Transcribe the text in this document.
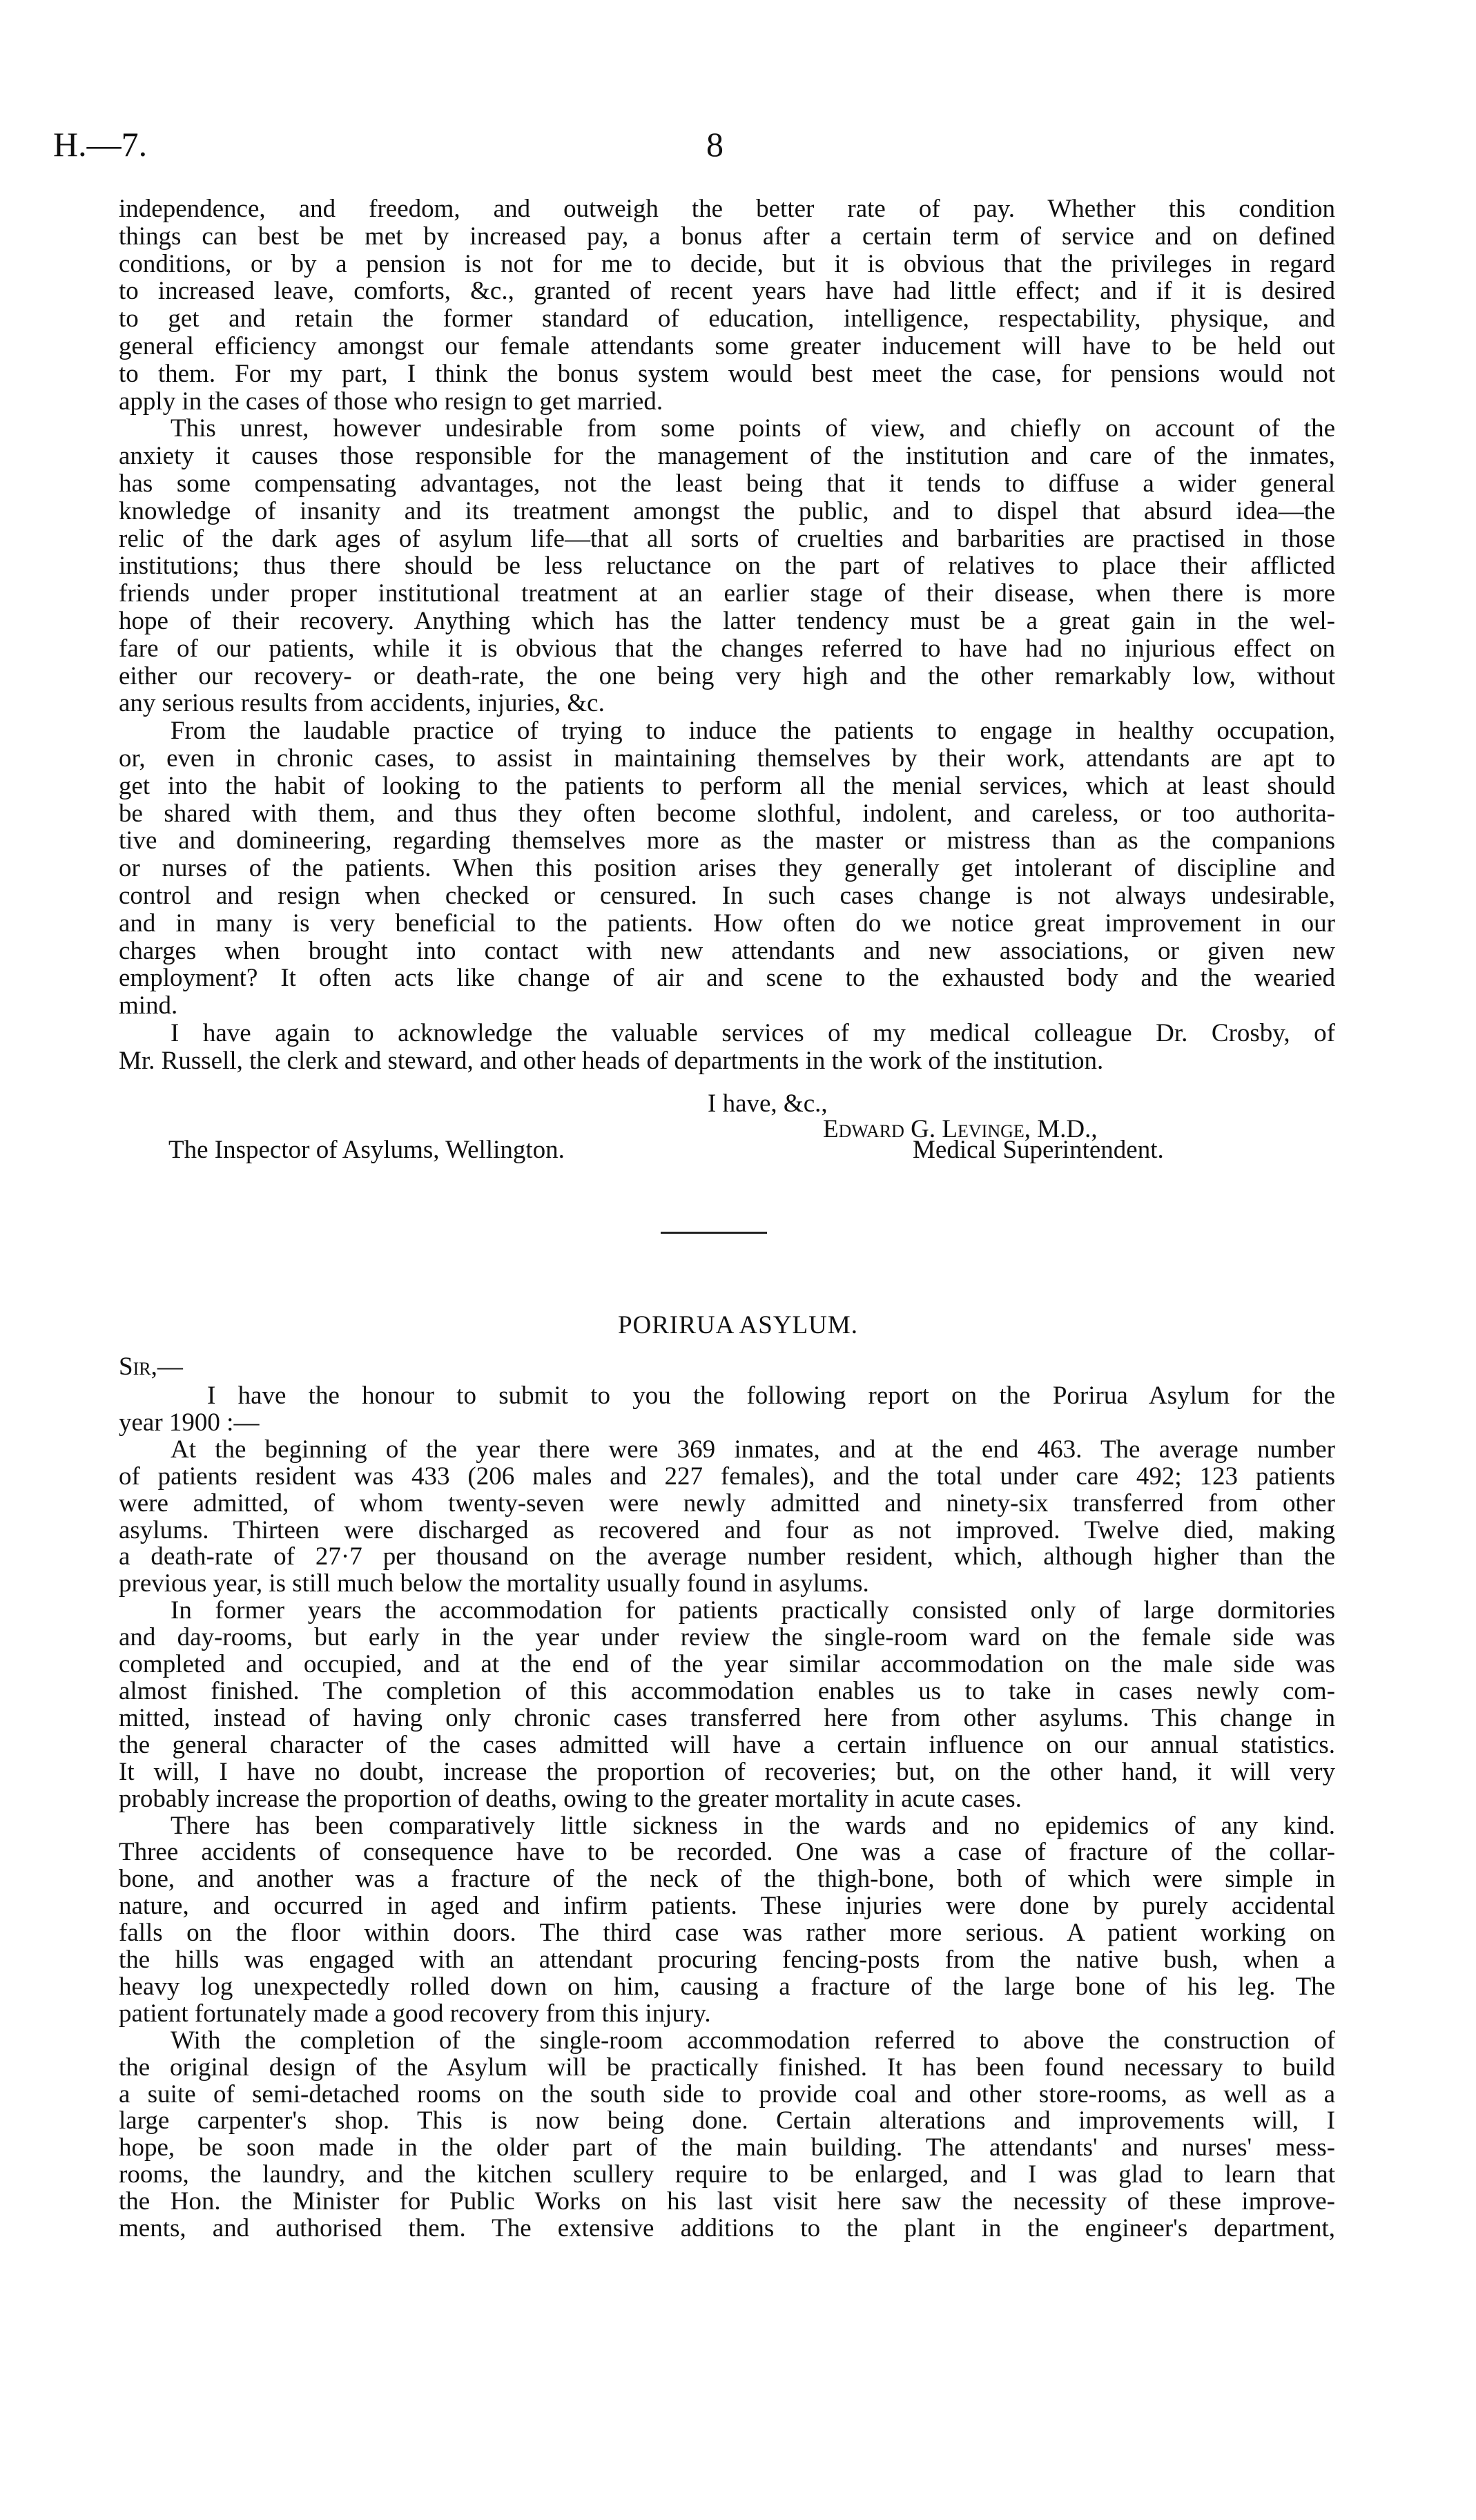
H.—7.	8
independence, and freedom, and outweigh the better rate of pay. Whether this condition
things can best be met by increased pay, a bonus after a certain term of service and on defined
conditions, or by a pension is not for me to decide, but it is obvious that the privileges in regard
to increased leave, comforts, &c., granted of recent years have had little effect; and if it is desired
to get and retain the former standard of education, intelligence, respectability, physique, and
general efficiency amongst our female attendants some greater inducement will have to be held out
to them. For my part, I think the bonus system would best meet the case, for pensions would not
apply in the cases of those who resign to get married.
This unrest, however undesirable from some points of view, and chiefly on account of the
anxiety it causes those responsible for the management of the institution and care of the inmates,
has some compensating advantages, not the least being that it tends to diffuse a wider general
knowledge of insanity and its treatment amongst the public, and to dispel that absurd idea—the
relic of the dark ages of asylum life—that all sorts of cruelties and barbarities are practised in those
institutions; thus there should be less reluctance on the part of relatives to place their afflicted
friends under proper institutional treatment at an earlier stage of their disease, when there is more
hope of their recovery. Anything which has the latter tendency must be a great gain in the wel-
fare of our patients, while it is obvious that the changes referred to have had no injurious effect on
either our recovery- or death-rate, the one being very high and the other remarkably low, without
any serious results from accidents, injuries, &c.
From the laudable practice of trying to induce the patients to engage in healthy occupation,
or, even in chronic cases, to assist in maintaining themselves by their work, attendants are apt to
get into the habit of looking to the patients to perform all the menial services, which at least should
be shared with them, and thus they often become slothful, indolent, and careless, or too authorita-
tive and domineering, regarding themselves more as the master or mistress than as the companions
or nurses of the patients. When this position arises they generally get intolerant of discipline and
control and resign when checked or censured. In such cases change is not always undesirable,
and in many is very beneficial to the patients. How often do we notice great improvement in our
charges when brought into contact with new attendants and new associations, or given new
employment? It often acts like change of air and scene to the exhausted body and the wearied
mind.
I have again to acknowledge the valuable services of my medical colleague Dr. Crosby, of
Mr. Russell, the clerk and steward, and other heads of departments in the work of the institution.
I have, &c.,
Edward G. Levinge, M.D.,
The Inspector of Asylums, Wellington.	Medical Superintendent.
PORIRUA ASYLUM.
Sir,—
I have the honour to submit to you the following report on the Porirua Asylum for the
year 1900 :—
At the beginning of the year there were 369 inmates, and at the end 463. The average number
of patients resident was 433 (206 males and 227 females), and the total under care 492; 123 patients
were admitted, of whom twenty-seven were newly admitted and ninety-six transferred from other
asylums. Thirteen were discharged as recovered and four as not improved. Twelve died, making
a death-rate of 27·7 per thousand on the average number resident, which, although higher than the
previous year, is still much below the mortality usually found in asylums.
In former years the accommodation for patients practically consisted only of large dormitories
and day-rooms, but early in the year under review the single-room ward on the female side was
completed and occupied, and at the end of the year similar accommodation on the male side was
almost finished. The completion of this accommodation enables us to take in cases newly com-
mitted, instead of having only chronic cases transferred here from other asylums. This change in
the general character of the cases admitted will have a certain influence on our annual statistics.
It will, I have no doubt, increase the proportion of recoveries; but, on the other hand, it will very
probably increase the proportion of deaths, owing to the greater mortality in acute cases.
There has been comparatively little sickness in the wards and no epidemics of any kind.
Three accidents of consequence have to be recorded. One was a case of fracture of the collar-
bone, and another was a fracture of the neck of the thigh-bone, both of which were simple in
nature, and occurred in aged and infirm patients. These injuries were done by purely accidental
falls on the floor within doors. The third case was rather more serious. A patient working on
the hills was engaged with an attendant procuring fencing-posts from the native bush, when a
heavy log unexpectedly rolled down on him, causing a fracture of the large bone of his leg. The
patient fortunately made a good recovery from this injury.
With the completion of the single-room accommodation referred to above the construction of
the original design of the Asylum will be practically finished. It has been found necessary to build
a suite of semi-detached rooms on the south side to provide coal and other store-rooms, as well as a
large carpenter's shop. This is now being done. Certain alterations and improvements will, I
hope, be soon made in the older part of the main building. The attendants' and nurses' mess-
rooms, the laundry, and the kitchen scullery require to be enlarged, and I was glad to learn that
the Hon. the Minister for Public Works on his last visit here saw the necessity of these improve-
ments, and authorised them. The extensive additions to the plant in the engineer's department,
